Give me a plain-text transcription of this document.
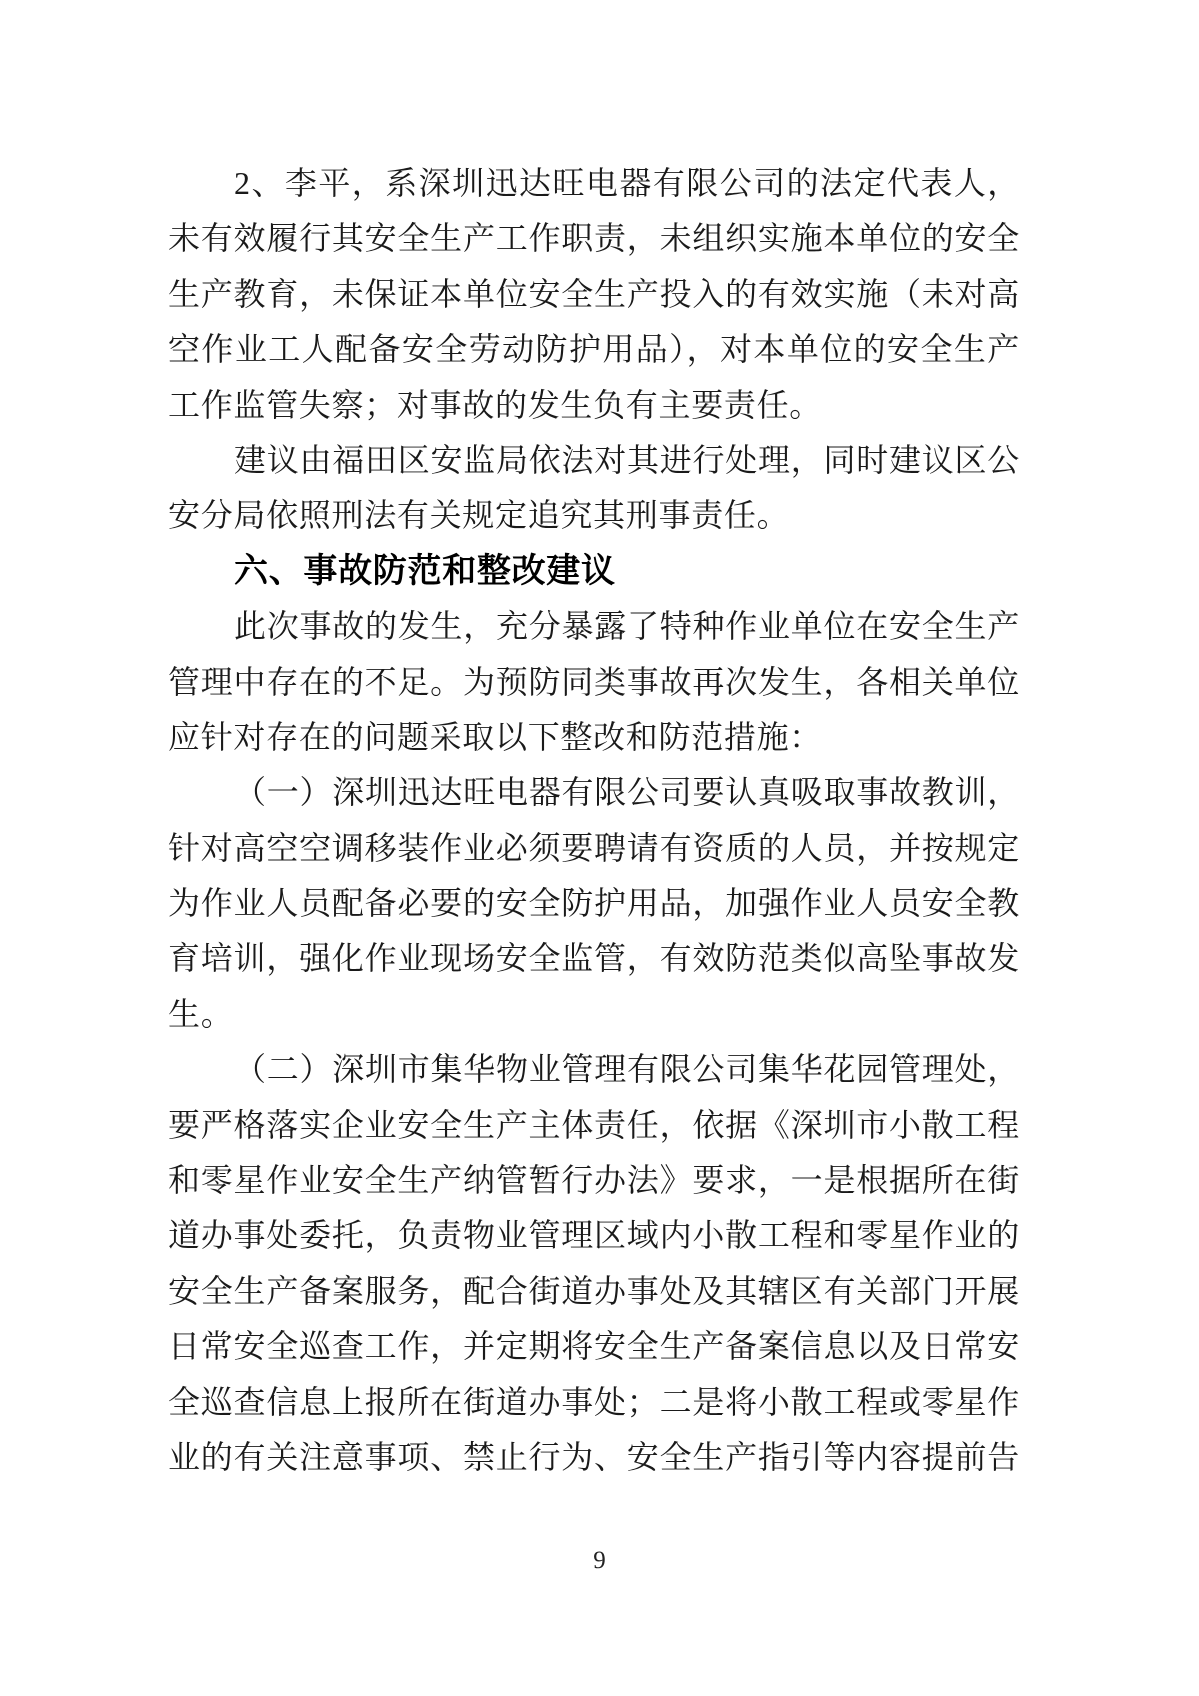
2、李平，系深圳迅达旺电器有限公司的法定代表人，
未有效履行其安全生产工作职责，未组织实施本单位的安全
生产教育，未保证本单位安全生产投入的有效实施（未对高
空作业工人配备安全劳动防护用品），对本单位的安全生产
工作监管失察；对事故的发生负有主要责任。
建议由福田区安监局依法对其进行处理，同时建议区公
安分局依照刑法有关规定追究其刑事责任。
六、事故防范和整改建议
此次事故的发生，充分暴露了特种作业单位在安全生产
管理中存在的不足。为预防同类事故再次发生，各相关单位
应针对存在的问题采取以下整改和防范措施：
（一）深圳迅达旺电器有限公司要认真吸取事故教训，
针对高空空调移装作业必须要聘请有资质的人员，并按规定
为作业人员配备必要的安全防护用品，加强作业人员安全教
育培训，强化作业现场安全监管，有效防范类似高坠事故发
生。
（二）深圳市集华物业管理有限公司集华花园管理处，
要严格落实企业安全生产主体责任，依据《深圳市小散工程
和零星作业安全生产纳管暂行办法》要求，一是根据所在街
道办事处委托，负责物业管理区域内小散工程和零星作业的
安全生产备案服务，配合街道办事处及其辖区有关部门开展
日常安全巡查工作，并定期将安全生产备案信息以及日常安
全巡查信息上报所在街道办事处；二是将小散工程或零星作
业的有关注意事项、禁止行为、安全生产指引等内容提前告
9
